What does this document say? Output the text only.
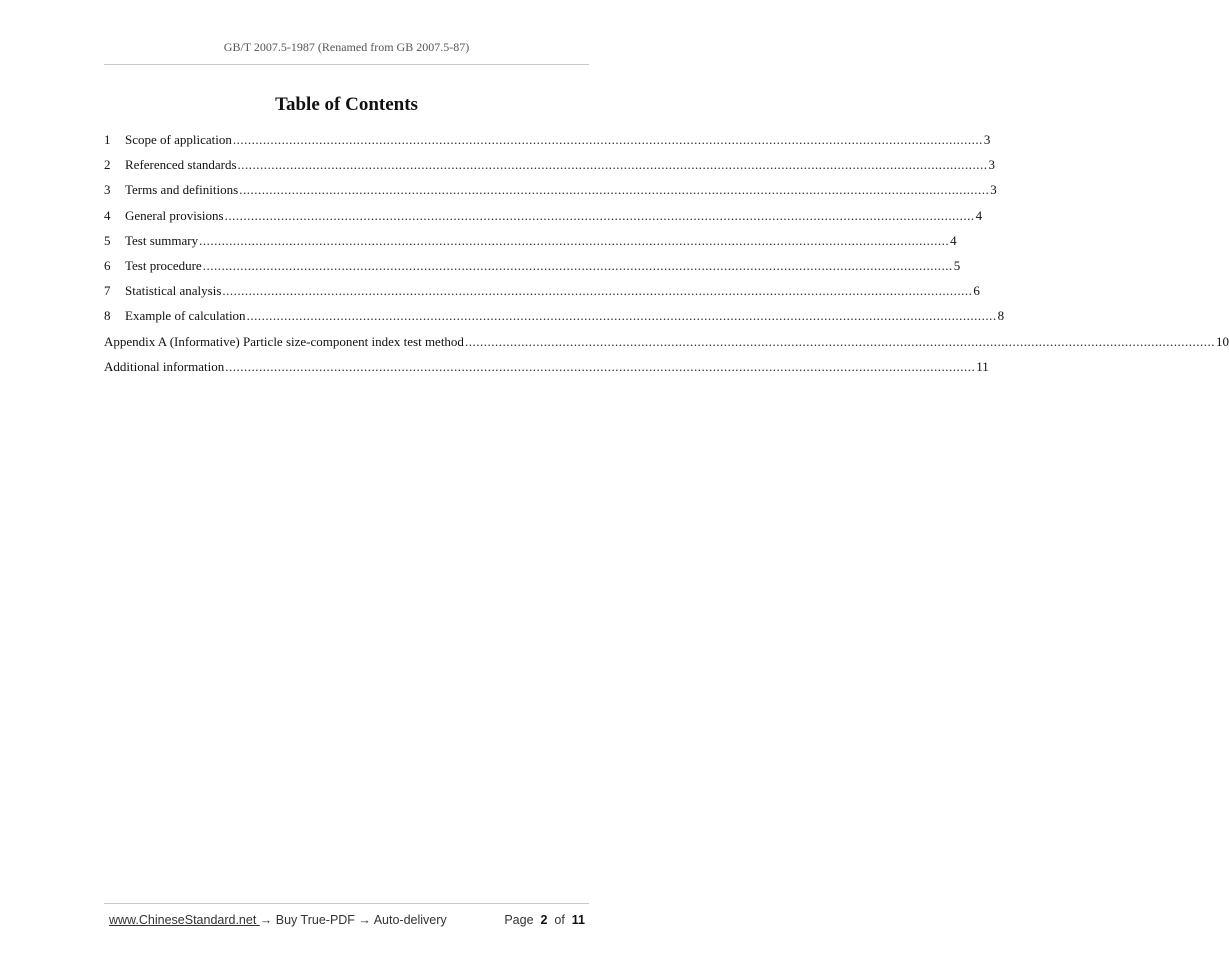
GB/T 2007.5-1987 (Renamed from GB 2007.5-87)
Table of Contents
1	Scope of application ........................................................................................................................................................................................................ 3
2	Referenced standards ........................................................................................................................................................................................................ 3
3	Terms and definitions ........................................................................................................................................................................................................ 3
4	General provisions ........................................................................................................................................................................................................ 4
5	Test summary ........................................................................................................................................................................................................ 4
6	Test procedure ........................................................................................................................................................................................................ 5
7	Statistical analysis ........................................................................................................................................................................................................ 6
8	Example of calculation ........................................................................................................................................................................................................ 8
Appendix A (Informative) Particle size-component index test method ........................................................................................................................................................................................................ 10
Additional information ........................................................................................................................................................................................................ 11
www.ChineseStandard.net → Buy True-PDF → Auto-delivery	Page 2 of 11
